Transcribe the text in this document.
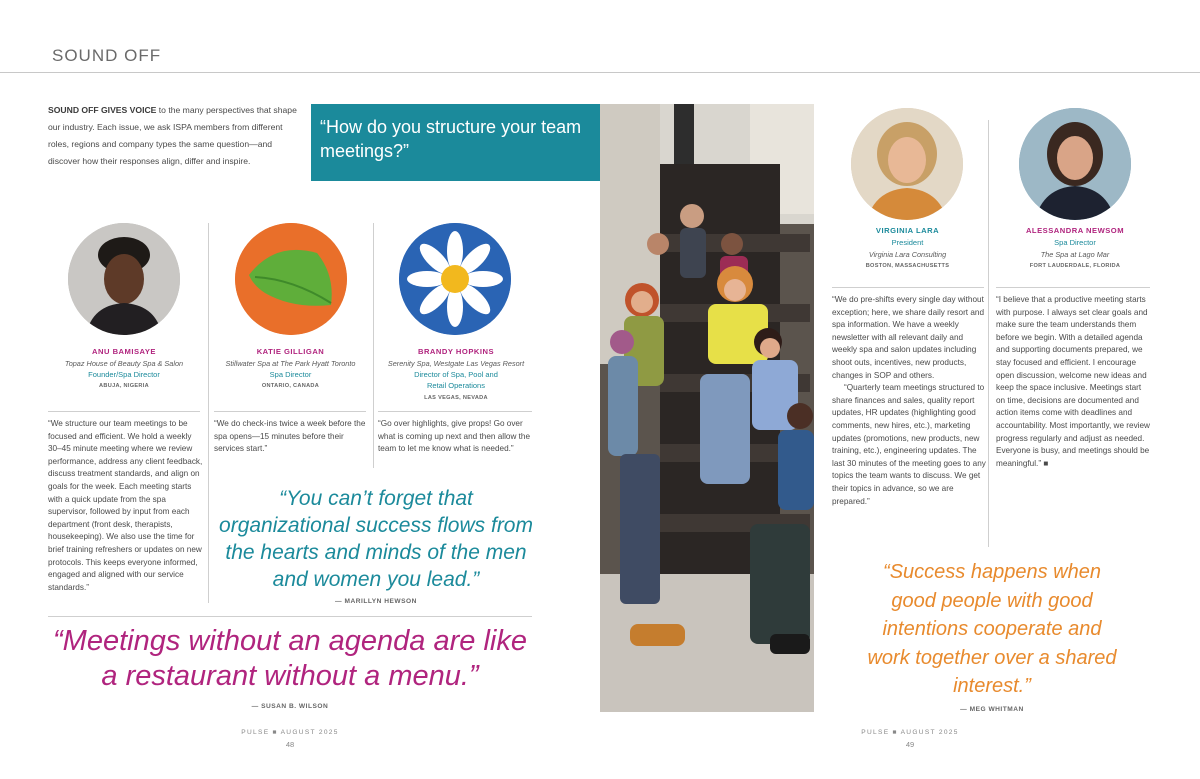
SOUND OFF
SOUND OFF GIVES VOICE to the many perspectives that shape our industry. Each issue, we ask ISPA members from different roles, regions and company types the same question—and discover how their responses align, differ and inspire.
“How do you structure your team meetings?”
ANU BAMISAYE
Topaz House of Beauty Spa & Salon
Founder/Spa Director
ABUJA, NIGERIA
“We structure our team meetings to be focused and efficient. We hold a weekly 30–45 minute meeting where we review performance, address any client feedback, discuss treatment standards, and align on goals for the week. Each meeting starts with a quick update from the spa supervisor, followed by input from each department (front desk, therapists, housekeeping). We also use the time for brief training refreshers or updates on new protocols. This keeps everyone informed, engaged and aligned with our service standards.”
KATIE GILLIGAN
Stillwater Spa at The Park Hyatt Toronto
Spa Director
ONTARIO, CANADA
“We do check-ins twice a week before the spa opens—15 minutes before their services start.”
BRANDY HOPKINS
Serenity Spa, Westgate Las Vegas Resort
Director of Spa, Pool and
Retail Operations
LAS VEGAS, NEVADA
“Go over highlights, give props! Go over what is coming up next and then allow the team to let me know what is needed.”
“You can’t forget that organizational success flows from the hearts and minds of the men and women you lead.”
— MARILLYN HEWSON
“Meetings without an agenda are like a restaurant without a menu.”
— SUSAN B. WILSON
VIRGINIA LARA
President
Virginia Lara Consulting
BOSTON, MASSACHUSETTS
“We do pre-shifts every single day without exception; here, we share daily resort and spa information. We have a weekly newsletter with all relevant daily and weekly spa and salon updates including shoot outs, incentives, new products, changes in SOP and others.
“Quarterly team meetings structured to share finances and sales, quality report updates, HR updates (highlighting good comments, new hires, etc.), marketing updates (promotions, new products, new training, etc.), engineering updates. The last 30 minutes of the meeting goes to any topics the team wants to discuss. We get their topics in advance, so we are prepared.”
ALESSANDRA NEWSOM
Spa Director
The Spa at Lago Mar
FORT LAUDERDALE, FLORIDA
“I believe that a productive meeting starts with purpose. I always set clear goals and make sure the team understands them before we begin. With a detailed agenda and supporting documents prepared, we stay focused and efficient. I encourage open discussion, welcome new ideas and keep the space inclusive. Meetings start on time, decisions are documented and action items come with deadlines and accountability. Most importantly, we review progress regularly and adjust as needed. Everyone is busy, and meetings should be meaningful.” ■
“Success happens when good people with good intentions cooperate and work together over a shared interest.”
— MEG WHITMAN
PULSE ■ AUGUST 2025
48
PULSE ■ AUGUST 2025
49
